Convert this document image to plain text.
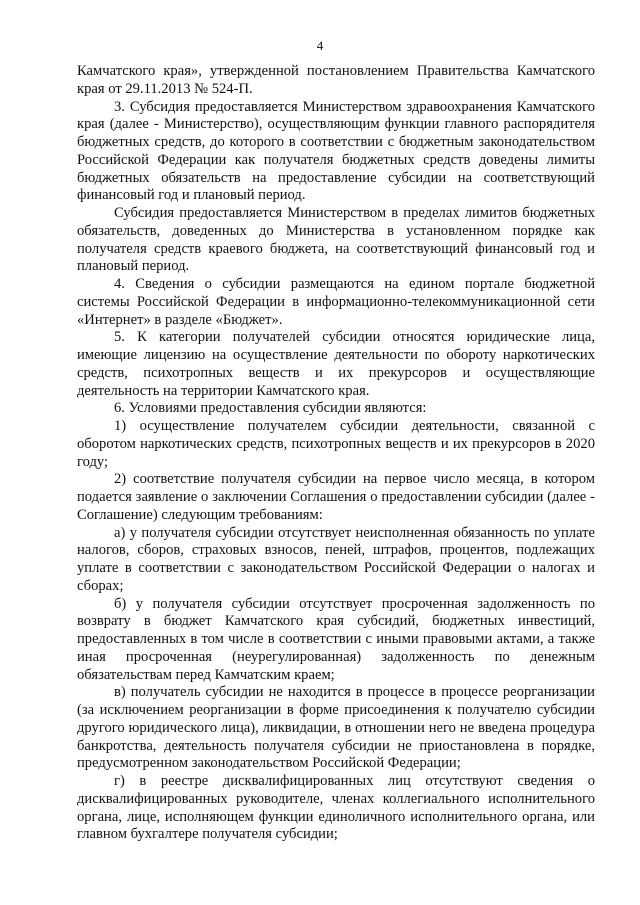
4

Камчатского края», утвержденной постановлением Правительства Камчатского края от 29.11.2013 № 524-П.

3. Субсидия предоставляется Министерством здравоохранения Камчатского края (далее - Министерство), осуществляющим функции главного распорядителя бюджетных средств, до которого в соответствии с бюджетным законодательством Российской Федерации как получателя бюджетных средств доведены лимиты бюджетных обязательств на предоставление субсидии на соответствующий финансовый год и плановый период.

Субсидия предоставляется Министерством в пределах лимитов бюджетных обязательств, доведенных до Министерства в установленном порядке как получателя средств краевого бюджета, на соответствующий финансовый год и плановый период.

4. Сведения о субсидии размещаются на едином портале бюджетной системы Российской Федерации в информационно-телекоммуникационной сети «Интернет» в разделе «Бюджет».

5. К категории получателей субсидии относятся юридические лица, имеющие лицензию на осуществление деятельности по обороту наркотических средств, психотропных веществ и их прекурсоров и осуществляющие деятельность на территории Камчатского края.

6. Условиями предоставления субсидии являются:

1) осуществление получателем субсидии деятельности, связанной с оборотом наркотических средств, психотропных веществ и их прекурсоров в 2020 году;

2) соответствие получателя субсидии на первое число месяца, в котором подается заявление о заключении Соглашения о предоставлении субсидии (далее - Соглашение) следующим требованиям:

а) у получателя субсидии отсутствует неисполненная обязанность по уплате налогов, сборов, страховых взносов, пеней, штрафов, процентов, подлежащих уплате в соответствии с законодательством Российской Федерации о налогах и сборах;

б) у получателя субсидии отсутствует просроченная задолженность по возврату в бюджет Камчатского края субсидий, бюджетных инвестиций, предоставленных в том числе в соответствии с иными правовыми актами, а также иная просроченная (неурегулированная) задолженность по денежным обязательствам перед Камчатским краем;

в) получатель субсидии не находится в процессе в процессе реорганизации (за исключением реорганизации в форме присоединения к получателю субсидии другого юридического лица), ликвидации, в отношении него не введена процедура банкротства, деятельность получателя субсидии не приостановлена в порядке, предусмотренном законодательством Российской Федерации;

г) в реестре дисквалифицированных лиц отсутствуют сведения о дисквалифицированных руководителе, членах коллегиального исполнительного органа, лице, исполняющем функции единоличного исполнительного органа, или главном бухгалтере получателя субсидии;
